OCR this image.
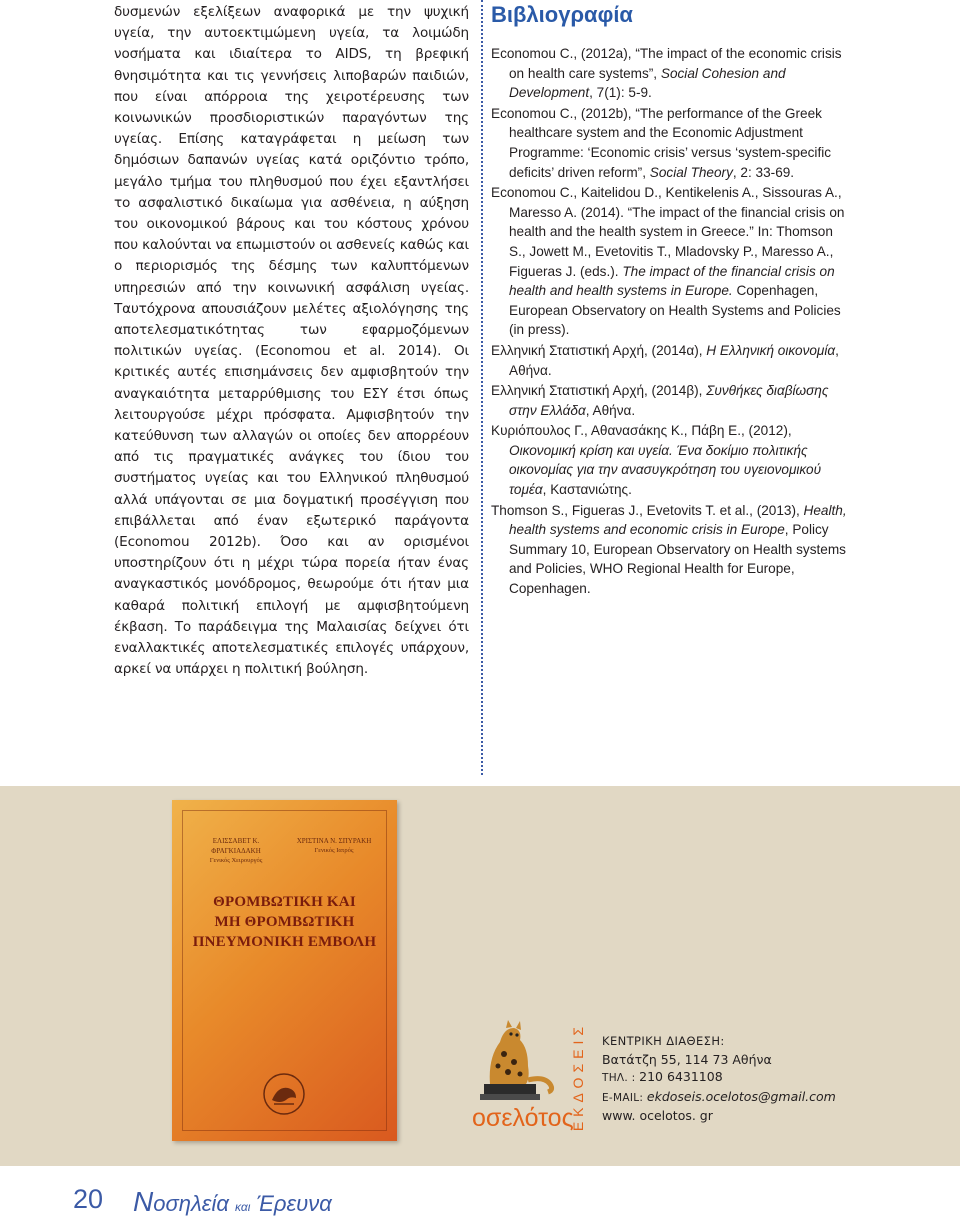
δυσμενών εξελίξεων αναφορικά με την ψυχική υγεία, την αυτοεκτιμώμενη υγεία, τα λοιμώδη νοσήματα και ιδιαίτερα το AIDS, τη βρεφική θνησιμότητα και τις γεννήσεις λιποβαρών παιδιών, που είναι απόρροια της χειροτέρευσης των κοινωνικών προσδιοριστικών παραγόντων της υγείας. Επίσης καταγράφεται η μείωση των δημόσιων δαπανών υγείας κατά οριζόντιο τρόπο, μεγάλο τμήμα του πληθυσμού που έχει εξαντλήσει το ασφαλιστικό δικαίωμα για ασθένεια, η αύξηση του οικονομικού βάρους και του κόστους χρόνου που καλούνται να επωμιστούν οι ασθενείς καθώς και ο περιορισμός της δέσμης των καλυπτόμενων υπηρεσιών από την κοινωνική ασφάλιση υγείας. Ταυτόχρονα απουσιάζουν μελέτες αξιολόγησης της αποτελεσματικότητας των εφαρμοζόμενων πολιτικών υγείας. (Economou et al. 2014). Οι κριτικές αυτές επισημάνσεις δεν αμφισβητούν την αναγκαιότητα μεταρρύθμισης του ΕΣΥ έτσι όπως λειτουργούσε μέχρι πρόσφατα. Αμφισβητούν την κατεύθυνση των αλλαγών οι οποίες δεν απορρέουν από τις πραγματικές ανάγκες του ίδιου του συστήματος υγείας και του Ελληνικού πληθυσμού αλλά υπάγονται σε μια δογματική προσέγγιση που επιβάλλεται από έναν εξωτερικό παράγοντα (Economou 2012b). Όσο και αν ορισμένοι υποστηρίζουν ότι η μέχρι τώρα πορεία ήταν ένας αναγκαστικός μονόδρομος, θεωρούμε ότι ήταν μια καθαρά πολιτική επιλογή με αμφισβητούμενη έκβαση. Το παράδειγμα της Μαλαισίας δείχνει ότι εναλλακτικές αποτελεσματικές επιλογές υπάρχουν, αρκεί να υπάρχει η πολιτική βούληση.

Βιβλιογραφία

Economou C., (2012a), “The impact of the economic crisis on health care systems”, Social Cohesion and Development, 7(1): 5-9.

Economou C., (2012b), “The performance of the Greek healthcare system and the Economic Adjustment Programme: ‘Economic crisis’ versus ‘system-specific deficits’ driven reform”, Social Theory, 2: 33-69.

Economou C., Kaitelidou D., Kentikelenis A., Sissouras A., Maresso A. (2014). “The impact of the financial crisis on health and the health system in Greece.” In: Thomson S., Jowett M., Evetovitis T., Mladovsky P., Maresso A., Figueras J. (eds.). The impact of the financial crisis on health and health systems in Europe. Copenhagen, European Observatory on Health Systems and Policies (in press).

Ελληνική Στατιστική Αρχή, (2014α), Η Ελληνική οικονομία, Αθήνα.

Ελληνική Στατιστική Αρχή, (2014β), Συνθήκες διαβίωσης στην Ελλάδα, Αθήνα.

Κυριόπουλος Γ., Αθανασάκης Κ., Πάβη Ε., (2012), Οικονομική κρίση και υγεία. Ένα δοκίμιο πολιτικής οικονομίας για την ανασυγκρότηση του υγειονομικού τομέα, Καστανιώτης.

Thomson S., Figueras J., Evetovits T. et al., (2013), Health, health systems and economic crisis in Europe, Policy Summary 10, European Observatory on Health systems and Policies, WHO Regional Health for Europe, Copenhagen.

ΕΛΙΣΣΑΒΕΤ Κ. ΦΡΑΓΚΙΑΔΑΚΗ
Γενικός Χειρουργός
ΧΡΙΣΤΙΝΑ Ν. ΣΠΥΡΑΚΗ
Γενικός Ιατρός
ΘΡΟΜΒΩΤΙΚΗ ΚΑΙ
ΜΗ ΘΡΟΜΒΩΤΙΚΗ
ΠΝΕΥΜΟΝΙΚΗ ΕΜΒΟΛΗ
ΕΚΔΟΣΕΙΣ
οσελότος
ΚΕΝΤΡΙΚΗ ΔΙΑΘΕΣΗ:
Βατάτζη 55, 114 73 Αθήνα
ΤΗΛ. : 210 6431108
E-MAIL: ekdoseis.ocelotos@gmail.com
www. ocelotos. gr
20 Νοσηλεία και Έρευνα
